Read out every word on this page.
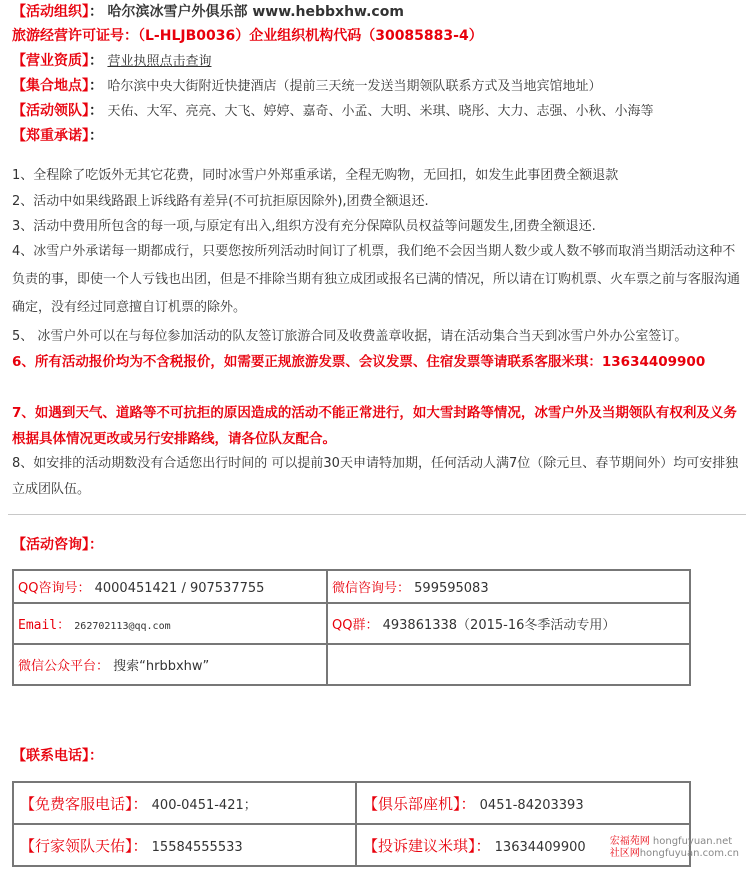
【活动组织】： 哈尔滨冰雪户外俱乐部 www.hebbxhw.com
旅游经营许可证号：（L-HLJB0036）企业组织机构代码（30085883-4）
【营业资质】： 营业执照点击查询
【集合地点】： 哈尔滨中央大街附近快捷酒店（提前三天统一发送当期领队联系方式及当地宾馆地址）
【活动领队】： 天佑、大军、亮亮、大飞、婷婷、嘉奇、小孟、大明、米琪、晓彤、大力、志强、小秋、小海等
【郑重承诺】：
1、全程除了吃饭外无其它花费，同时冰雪户外郑重承诺，全程无购物，无回扣，如发生此事团费全额退款
2、活动中如果线路跟上诉线路有差异(不可抗拒原因除外),团费全额退还.
3、活动中费用所包含的每一项,与原定有出入,组织方没有充分保障队员权益等问题发生,团费全额退还.
4、冰雪户外承诺每一期都成行，只要您按所列活动时间订了机票，我们绝不会因当期人数少或人数不够而取消当期活动这种不负责的事，即使一个人亏钱也出团，但是不排除当期有独立成团或报名已满的情况，所以请在订购机票、火车票之前与客服沟通确定，没有经过同意擅自订机票的除外。
5、 冰雪户外可以在与每位参加活动的队友签订旅游合同及收费盖章收据，请在活动集合当天到冰雪户外办公室签订。
6、所有活动报价均为不含税报价，如需要正规旅游发票、会议发票、住宿发票等请联系客服米琪：13634409900
7、如遇到天气、道路等不可抗拒的原因造成的活动不能正常进行，如大雪封路等情况，冰雪户外及当期领队有权利及义务根据具体情况更改或另行安排路线，请各位队友配合。
8、如安排的活动期数没有合适您出行时间的 可以提前30天申请特加期，任何活动人满7位（除元旦、春节期间外）均可安排独立成团队伍。
【活动咨询】：
QQ咨询号： 4000451421 / 907537755	微信咨询号： 599595083
Email： 262702113@qq.com	QQ群： 493861338（2015-16冬季活动专用）
微信公众平台： 搜索“hrbbxhw”	
【联系电话】：
【免费客服电话】： 400-0451-421；	【俱乐部座机】： 0451-84203393
【行家领队天佑】： 15584555533	【投诉建议米琪】： 13634409900 宏福苑网 hongfuyuan.net
社区网hongfuyuan.com.cn
